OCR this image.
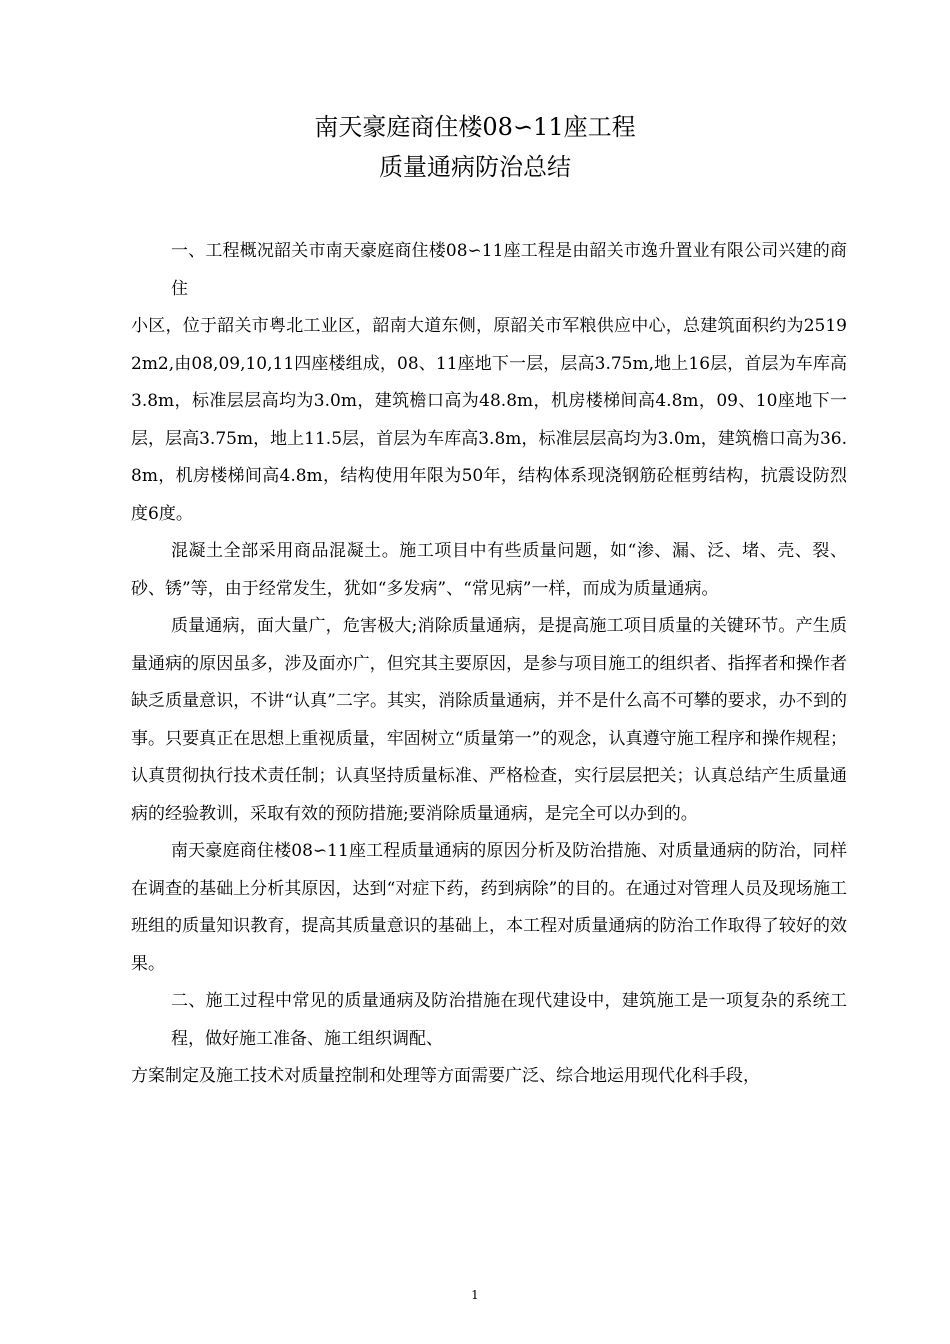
南天豪庭商住楼08∽11座工程
质量通病防治总结

一、工程概况韶关市南天豪庭商住楼08∽11座工程是由韶关市逸升置业有限公司兴建的商住

小区，位于韶关市粤北工业区，韶南大道东侧，原韶关市军粮供应中心，总建筑面积约为25192m2,由08,09,10,11四座楼组成，08、11座地下一层，层高3.75m,地上16层，首层为车库高3.8m，标准层层高均为3.0m，建筑檐口高为48.8m，机房楼梯间高4.8m，09、10座地下一层，层高3.75m，地上11.5层，首层为车库高3.8m，标准层层高均为3.0m，建筑檐口高为36.8m，机房楼梯间高4.8m，结构使用年限为50年，结构体系现浇钢筋砼框剪结构，抗震设防烈度6度。

混凝土全部采用商品混凝土。施工项目中有些质量问题，如“渗、漏、泛、堵、壳、裂、砂、锈”等，由于经常发生，犹如“多发病”、“常见病”一样，而成为质量通病。

质量通病，面大量广，危害极大;消除质量通病，是提高施工项目质量的关键环节。产生质量通病的原因虽多，涉及面亦广，但究其主要原因，是参与项目施工的组织者、指挥者和操作者缺乏质量意识，不讲“认真”二字。其实，消除质量通病，并不是什么高不可攀的要求，办不到的事。只要真正在思想上重视质量，牢固树立“质量第一”的观念，认真遵守施工程序和操作规程；认真贯彻执行技术责任制；认真坚持质量标准、严格检查，实行层层把关；认真总结产生质量通病的经验教训，采取有效的预防措施;要消除质量通病，是完全可以办到的。

南天豪庭商住楼08∽11座工程质量通病的原因分析及防治措施、对质量通病的防治，同样在调查的基础上分析其原因，达到“对症下药，药到病除”的目的。在通过对管理人员及现场施工班组的质量知识教育，提高其质量意识的基础上，本工程对质量通病的防治工作取得了较好的效果。

二、施工过程中常见的质量通病及防治措施在现代建设中，建筑施工是一项复杂的系统工程，做好施工准备、施工组织调配、

方案制定及施工技术对质量控制和处理等方面需要广泛、综合地运用现代化科手段，

1
